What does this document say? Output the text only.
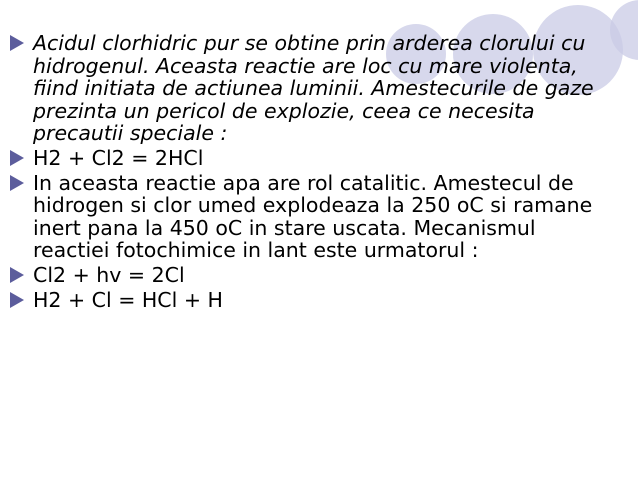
Acidul clorhidric pur se obtine prin arderea clorului cu hidrogenul. Aceasta reactie are loc cu mare violenta, fiind initiata de actiunea luminii. Amestecurile de gaze prezinta un pericol de explozie, ceea ce necesita precautii speciale :
H2 + Cl2 = 2HCl
In aceasta reactie apa are rol catalitic. Amestecul de hidrogen si clor umed explodeaza la 250 oC si ramane inert pana la 450 oC in stare uscata. Mecanismul reactiei fotochimice in lant este urmatorul :
Cl2 + hv = 2Cl
H2 + Cl = HCl + H
